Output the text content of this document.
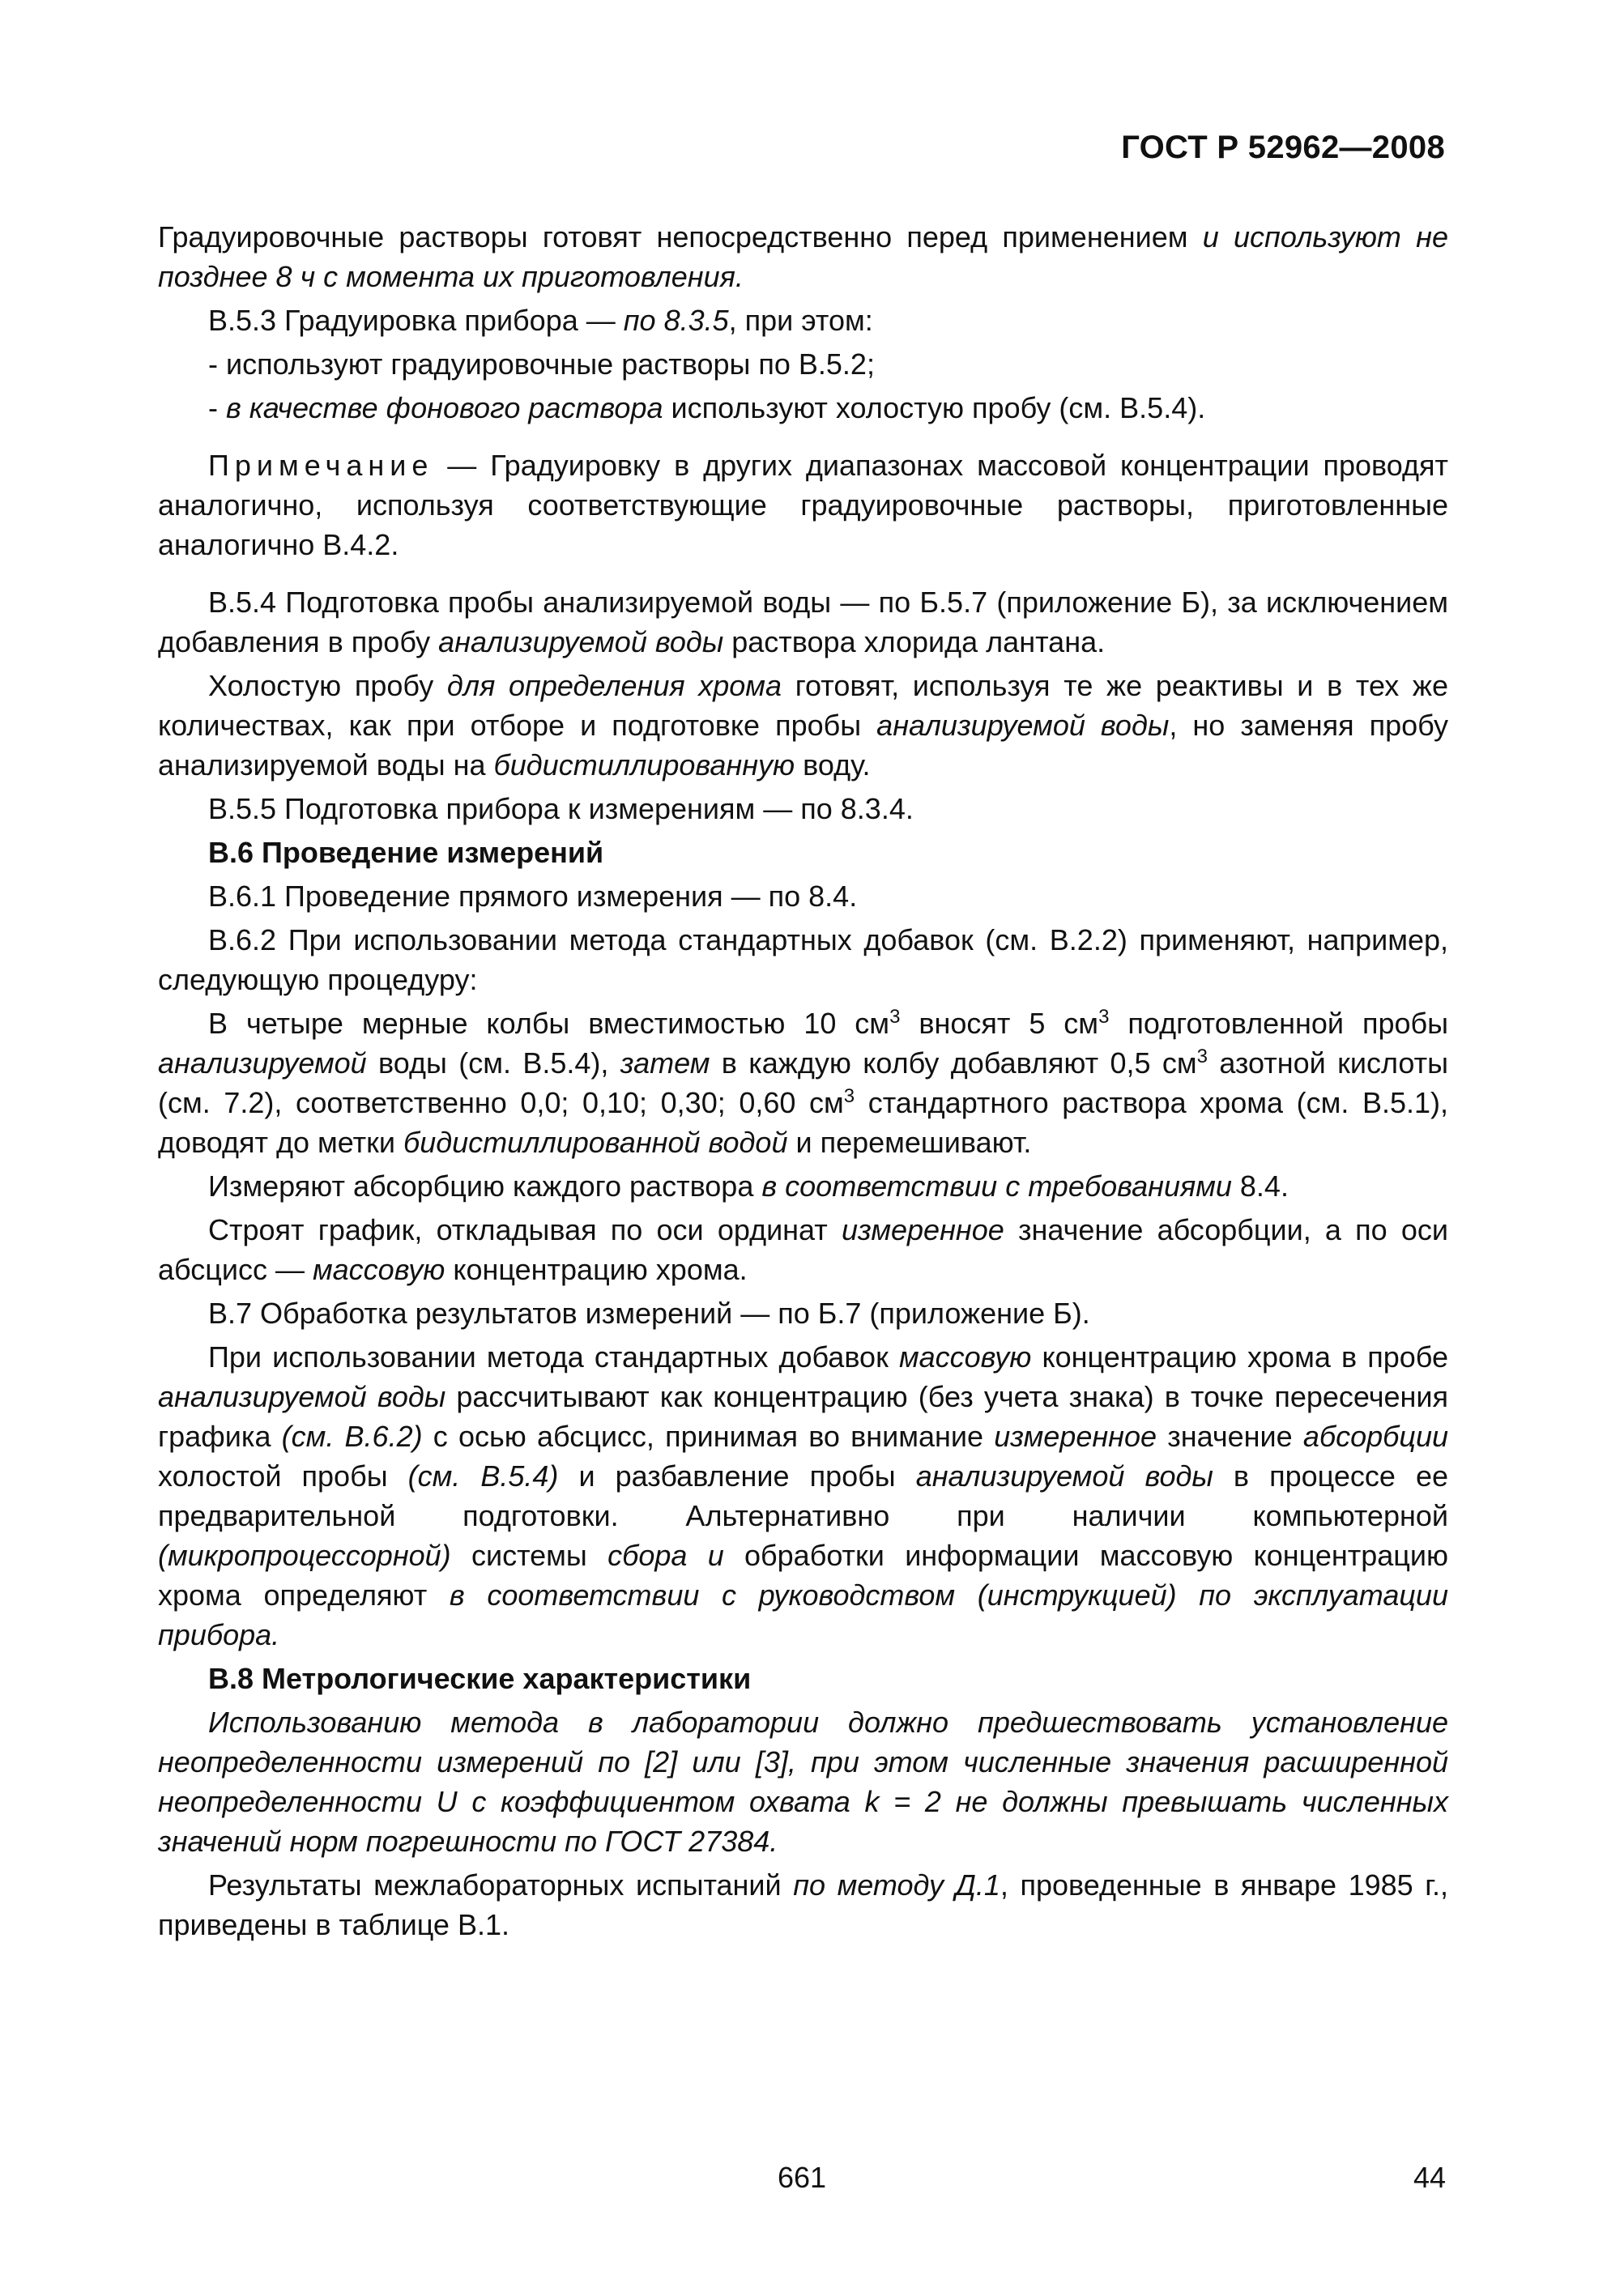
ГОСТ Р 52962—2008

Градуировочные растворы готовят непосредственно перед применением и используют не позднее 8 ч с момента их приготовления.

В.5.3 Градуировка прибора — по 8.3.5, при этом:

- используют градуировочные растворы по В.5.2;

- в качестве фонового раствора используют холостую пробу (см. В.5.4).

Примечание — Градуировку в других диапазонах массовой концентрации проводят аналогично, используя соответствующие градуировочные растворы, приготовленные аналогично В.4.2.

В.5.4 Подготовка пробы анализируемой воды — по Б.5.7 (приложение Б), за исключением добавления в пробу анализируемой воды раствора хлорида лантана.

Холостую пробу для определения хрома готовят, используя те же реактивы и в тех же количествах, как при отборе и подготовке пробы анализируемой воды, но заменяя пробу анализируемой воды на бидистиллированную воду.

В.5.5 Подготовка прибора к измерениям — по 8.3.4.

В.6 Проведение измерений

В.6.1 Проведение прямого измерения — по 8.4.

В.6.2 При использовании метода стандартных добавок (см. В.2.2) применяют, например, следующую процедуру:

В четыре мерные колбы вместимостью 10 $см^3$ вносят 5 $см^3$ подготовленной пробы анализируемой воды (см. В.5.4), затем в каждую колбу добавляют 0,5 $см^3$ азотной кислоты (см. 7.2), соответственно 0,0; 0,10; 0,30; 0,60 $см^3$ стандартного раствора хрома (см. В.5.1), доводят до метки бидистиллированной водой и перемешивают.

Измеряют абсорбцию каждого раствора в соответствии с требованиями 8.4.

Строят график, откладывая по оси ординат измеренное значение абсорбции, а по оси абсцисс — массовую концентрацию хрома.

В.7 Обработка результатов измерений — по Б.7 (приложение Б).

При использовании метода стандартных добавок массовую концентрацию хрома в пробе анализируемой воды рассчитывают как концентрацию (без учета знака) в точке пересечения графика (см. В.6.2) с осью абсцисс, принимая во внимание измеренное значение абсорбции холостой пробы (см. В.5.4) и разбавление пробы анализируемой воды в процессе ее предварительной подготовки. Альтернативно при наличии компьютерной (микропроцессорной) системы сбора и обработки информации массовую концентрацию хрома определяют в соответствии с руководством (инструкцией) по эксплуатации прибора.

В.8 Метрологические характеристики

Использованию метода в лаборатории должно предшествовать установление неопределенности измерений по [2] или [3], при этом численные значения расширенной неопределенности U с коэффициентом охвата k = 2 не должны превышать численных значений норм погрешности по ГОСТ 27384.

Результаты межлабораторных испытаний по методу Д.1, проведенные в январе 1985 г., приведены в таблице В.1.

661	44
